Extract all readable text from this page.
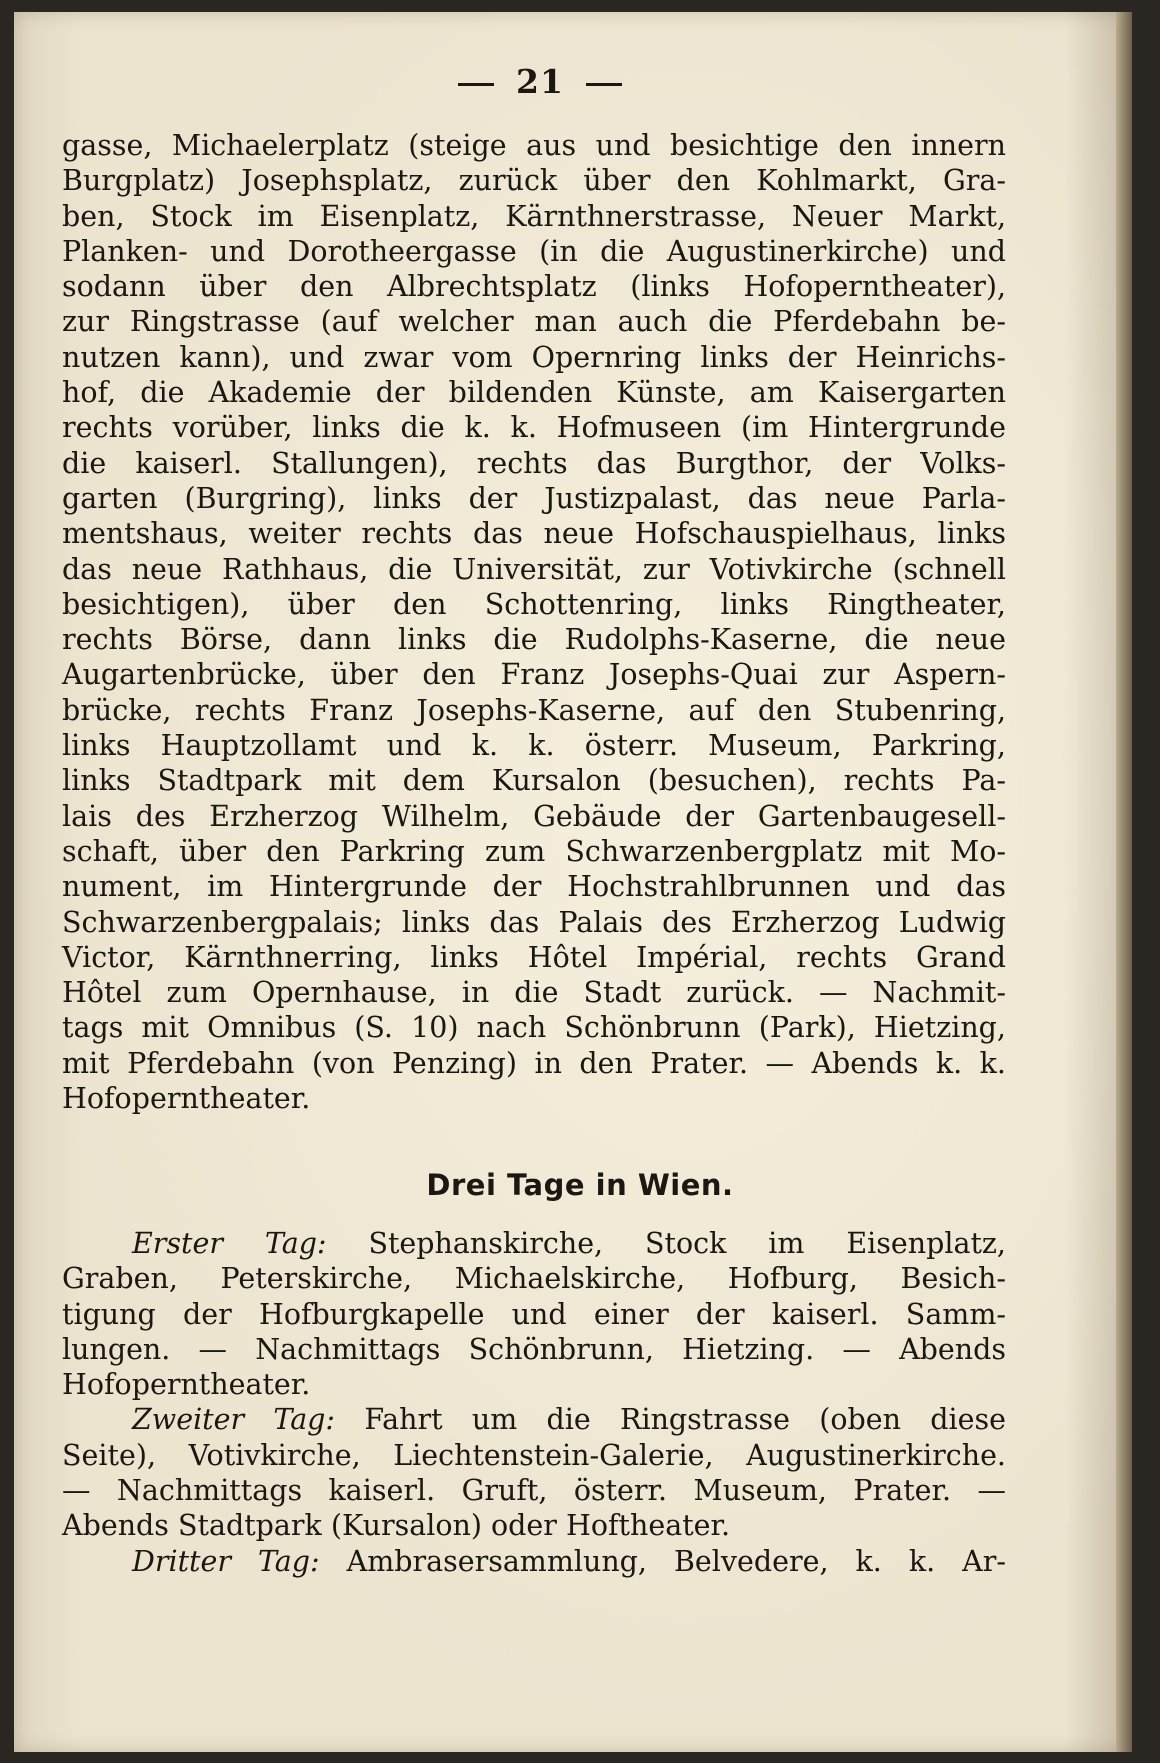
21
gasse, Michaelerplatz (steige aus und besichtige den innern
Burgplatz) Josephsplatz, zurück über den Kohlmarkt, Gra-
ben, Stock im Eisenplatz, Kärnthnerstrasse, Neuer Markt,
Planken- und Dorotheergasse (in die Augustinerkirche) und
sodann über den Albrechtsplatz (links Hofoperntheater),
zur Ringstrasse (auf welcher man auch die Pferdebahn be-
nutzen kann), und zwar vom Opernring links der Heinrichs-
hof, die Akademie der bildenden Künste, am Kaisergarten
rechts vorüber, links die k. k. Hofmuseen (im Hintergrunde
die kaiserl. Stallungen), rechts das Burgthor, der Volks-
garten (Burgring), links der Justizpalast, das neue Parla-
mentshaus, weiter rechts das neue Hofschauspielhaus, links
das neue Rathhaus, die Universität, zur Votivkirche (schnell
besichtigen), über den Schottenring, links Ringtheater,
rechts Börse, dann links die Rudolphs-Kaserne, die neue
Augartenbrücke, über den Franz Josephs-Quai zur Aspern-
brücke, rechts Franz Josephs-Kaserne, auf den Stubenring,
links Hauptzollamt und k. k. österr. Museum, Parkring,
links Stadtpark mit dem Kursalon (besuchen), rechts Pa-
lais des Erzherzog Wilhelm, Gebäude der Gartenbaugesell-
schaft, über den Parkring zum Schwarzenbergplatz mit Mo-
nument, im Hintergrunde der Hochstrahlbrunnen und das
Schwarzenbergpalais; links das Palais des Erzherzog Ludwig
Victor, Kärnthnerring, links Hôtel Impérial, rechts Grand
Hôtel zum Opernhause, in die Stadt zurück. — Nachmit-
tags mit Omnibus (S. 10) nach Schönbrunn (Park), Hietzing,
mit Pferdebahn (von Penzing) in den Prater. — Abends k. k.
Hofoperntheater.
Drei Tage in Wien.
Erster Tag: Stephanskirche, Stock im Eisenplatz,
Graben, Peterskirche, Michaelskirche, Hofburg, Besich-
tigung der Hofburgkapelle und einer der kaiserl. Samm-
lungen. — Nachmittags Schönbrunn, Hietzing. — Abends
Hofoperntheater.
Zweiter Tag: Fahrt um die Ringstrasse (oben diese
Seite), Votivkirche, Liechtenstein-Galerie, Augustinerkirche.
— Nachmittags kaiserl. Gruft, österr. Museum, Prater. —
Abends Stadtpark (Kursalon) oder Hoftheater.
Dritter Tag: Ambrasersammlung, Belvedere, k. k. Ar-
